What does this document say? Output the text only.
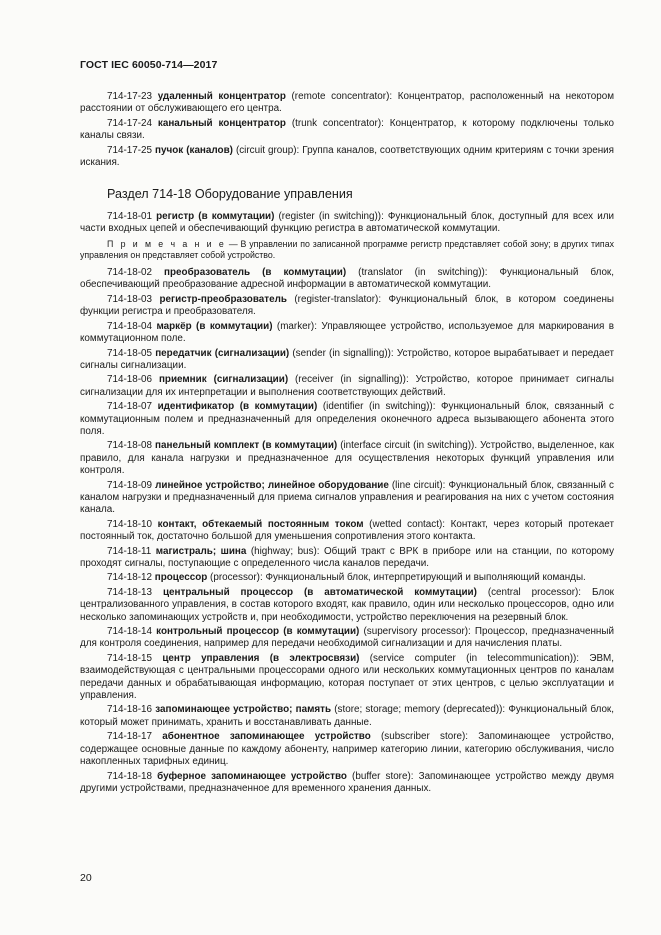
ГОСТ IEC 60050-714—2017
714-17-23 удаленный концентратор (remote concentrator): Концентратор, расположенный на некотором расстоянии от обслуживающего его центра.
714-17-24 канальный концентратор (trunk concentrator): Концентратор, к которому подключены только каналы связи.
714-17-25 пучок (каналов) (circuit group): Группа каналов, соответствующих одним критериям с точки зрения искания.
Раздел 714-18 Оборудование управления
714-18-01 регистр (в коммутации) (register (in switching)): Функциональный блок, доступный для всех или части входных цепей и обеспечивающий функцию регистра в автоматической коммутации.
П р и м е ч а н и е — В управлении по записанной программе регистр представляет собой зону; в других типах управления он представляет собой устройство.
714-18-02 преобразователь (в коммутации) (translator (in switching)): Функциональный блок, обеспечивающий преобразование адресной информации в автоматической коммутации.
714-18-03 регистр-преобразователь (register-translator): Функциональный блок, в котором соединены функции регистра и преобразователя.
714-18-04 маркёр (в коммутации) (marker): Управляющее устройство, используемое для маркирования в коммутационном поле.
714-18-05 передатчик (сигнализации) (sender (in signalling)): Устройство, которое вырабатывает и передает сигналы сигнализации.
714-18-06 приемник (сигнализации) (receiver (in signalling)): Устройство, которое принимает сигналы сигнализации для их интерпретации и выполнения соответствующих действий.
714-18-07 идентификатор (в коммутации) (identifier (in switching)): Функциональный блок, связанный с коммутационным полем и предназначенный для определения оконечного адреса вызывающего абонента этого поля.
714-18-08 панельный комплект (в коммутации) (interface circuit (in switching)). Устройство, выделенное, как правило, для канала нагрузки и предназначенное для осуществления некоторых функций управления или контроля.
714-18-09 линейное устройство; линейное оборудование (line circuit): Функциональный блок, связанный с каналом нагрузки и предназначенный для приема сигналов управления и реагирования на них с учетом состояния канала.
714-18-10 контакт, обтекаемый постоянным током (wetted contact): Контакт, через который протекает постоянный ток, достаточно большой для уменьшения сопротивления этого контакта.
714-18-11 магистраль; шина (highway; bus): Общий тракт с ВРК в приборе или на станции, по которому проходят сигналы, поступающие с определенного числа каналов передачи.
714-18-12 процессор (processor): Функциональный блок, интерпретирующий и выполняющий команды.
714-18-13 центральный процессор (в автоматической коммутации) (central processor): Блок централизованного управления, в состав которого входят, как правило, один или несколько процессоров, одно или несколько запоминающих устройств и, при необходимости, устройство переключения на резервный блок.
714-18-14 контрольный процессор (в коммутации) (supervisory processor): Процессор, предназначенный для контроля соединения, например для передачи необходимой сигнализации и для начисления платы.
714-18-15 центр управления (в электросвязи) (service computer (in telecommunication)): ЭВМ, взаимодействующая с центральными процессорами одного или нескольких коммутационных центров по каналам передачи данных и обрабатывающая информацию, которая поступает от этих центров, с целью эксплуатации и управления.
714-18-16 запоминающее устройство; память (store; storage; memory (deprecated)): Функциональный блок, который может принимать, хранить и восстанавливать данные.
714-18-17 абонентное запоминающее устройство (subscriber store): Запоминающее устройство, содержащее основные данные по каждому абоненту, например категорию линии, категорию обслуживания, число накопленных тарифных единиц.
714-18-18 буферное запоминающее устройство (buffer store): Запоминающее устройство между двумя другими устройствами, предназначенное для временного хранения данных.
20
